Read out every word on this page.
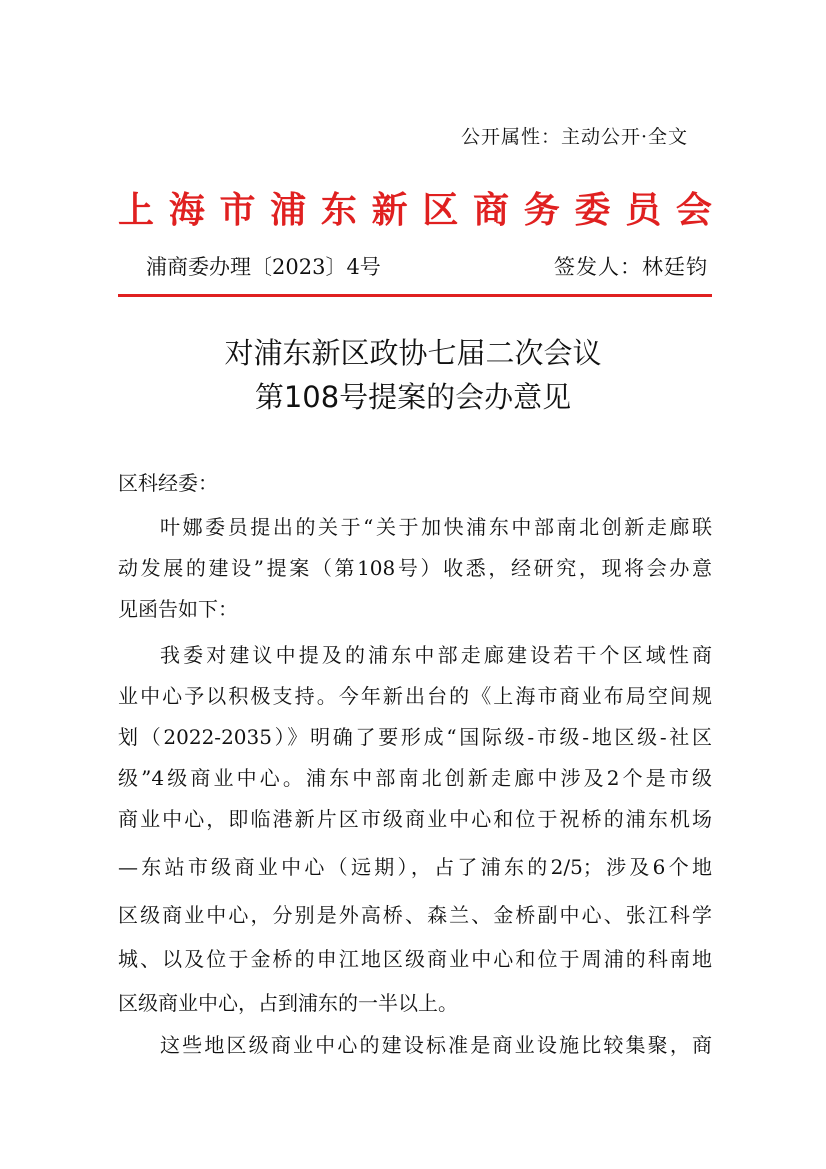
公开属性：主动公开·全文
上 海 市 浦 东 新 区 商 务 委 员 会
浦商委办理〔2023〕4号	签发人：林廷钧
对浦东新区政协七届二次会议
第108号提案的会办意见
区科经委：
叶娜委员提出的关于“关于加快浦东中部南北创新走廊联
动发展的建设”提案（第108号）收悉，经研究，现将会办意
见函告如下：
我委对建议中提及的浦东中部走廊建设若干个区域性商
业中心予以积极支持。今年新出台的《上海市商业布局空间规
划（2022-2035）》明确了要形成“国际级-市级-地区级-社区
级”4级商业中心。浦东中部南北创新走廊中涉及2个是市级
商业中心，即临港新片区市级商业中心和位于祝桥的浦东机场
—东站市级商业中心（远期），占了浦东的2/5；涉及6个地
区级商业中心，分别是外高桥、森兰、金桥副中心、张江科学
城、以及位于金桥的申江地区级商业中心和位于周浦的科南地
区级商业中心，占到浦东的一半以上。
这些地区级商业中心的建设标准是商业设施比较集聚，商
